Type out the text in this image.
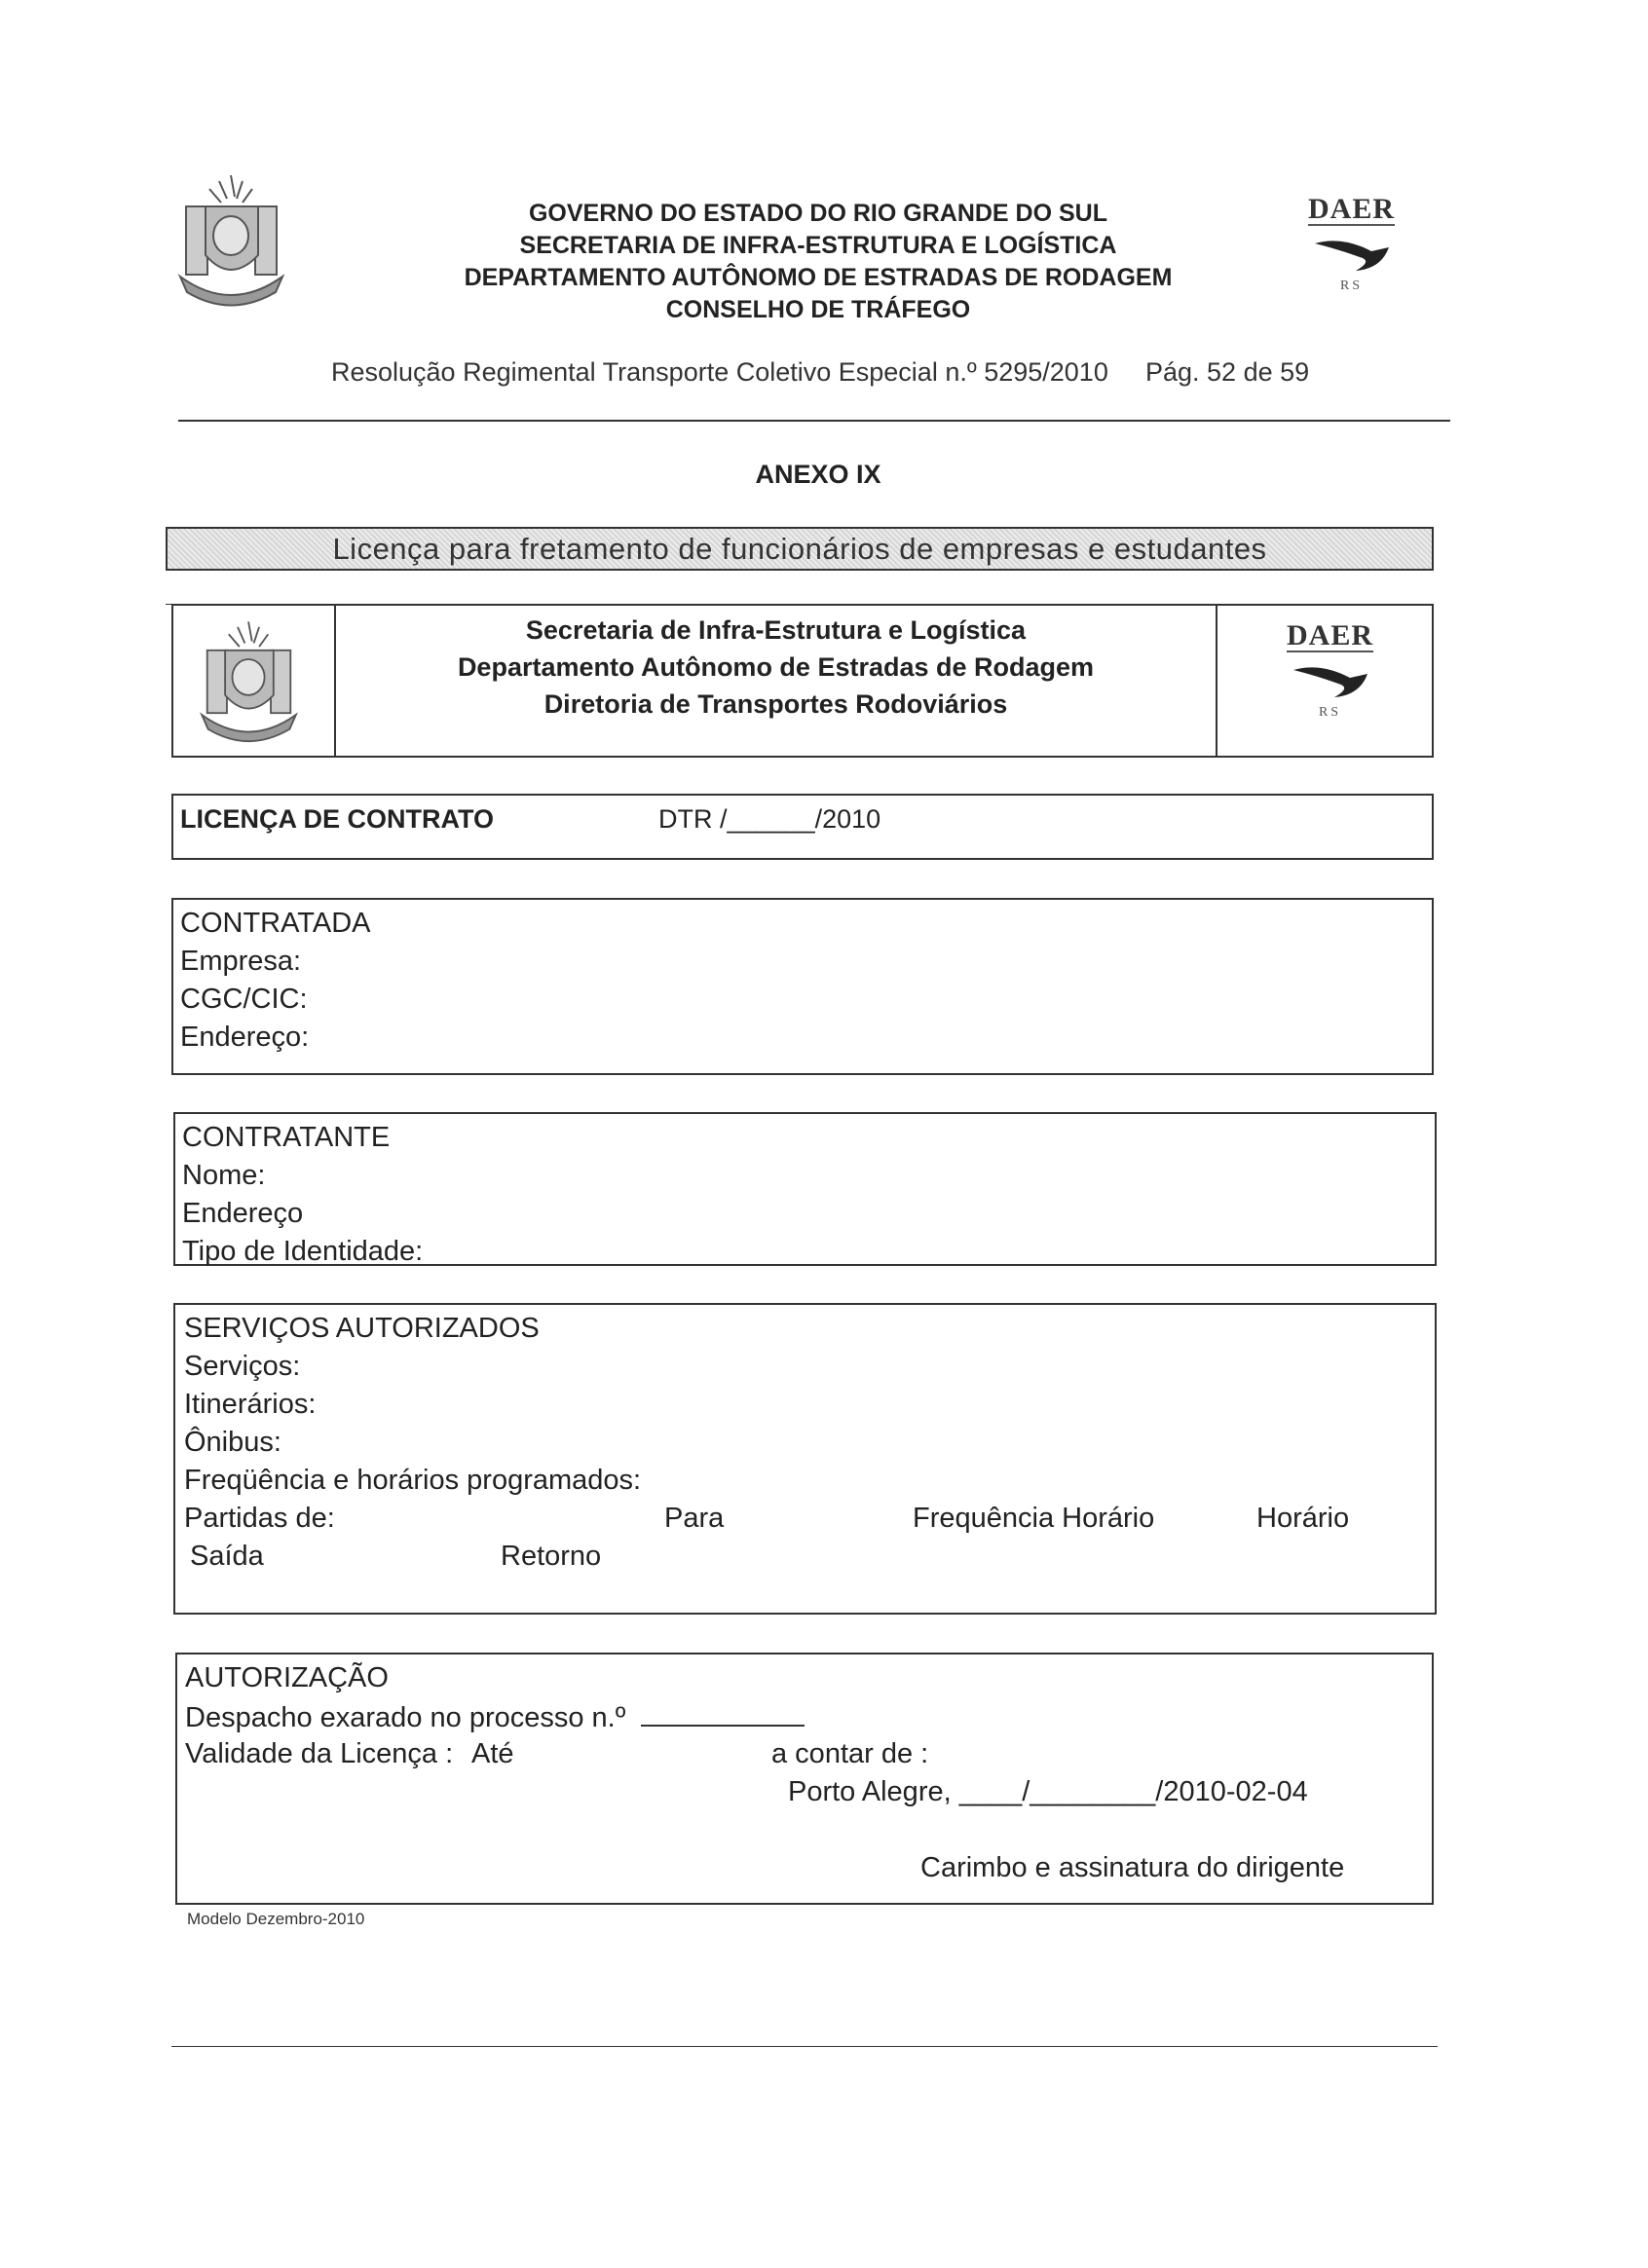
GOVERNO DO ESTADO DO RIO GRANDE DO SUL
SECRETARIA DE INFRA-ESTRUTURA E LOGÍSTICA
DEPARTAMENTO AUTÔNOMO DE ESTRADAS DE RODAGEM
CONSELHO DE TRÁFEGO
DAER
RS
Resolução Regimental Transporte Coletivo Especial n.º 5295/2010 Pág. 52 de 59
ANEXO IX
Licença para fretamento de funcionários de empresas e estudantes
Secretaria de Infra-Estrutura e Logística
Departamento Autônomo de Estradas de Rodagem
Diretoria de Transportes Rodoviários
DAER
RS
LICENÇA DE CONTRATO	DTR /______/2010
CONTRATADA
Empresa:
CGC/CIC:
Endereço:
CONTRATANTE
Nome:
Endereço
Tipo de Identidade:
SERVIÇOS AUTORIZADOS
Serviços:
Itinerários:
Ônibus:
Freqüência e horários programados:
Partidas de:	Para	Frequência Horário	Horário
Saída	Retorno
AUTORIZAÇÃO
Despacho exarado no processo n.º
Validade da Licença : Até	a contar de :
Porto Alegre, ____/________/2010-02-04
Carimbo e assinatura do dirigente
Modelo Dezembro-2010
